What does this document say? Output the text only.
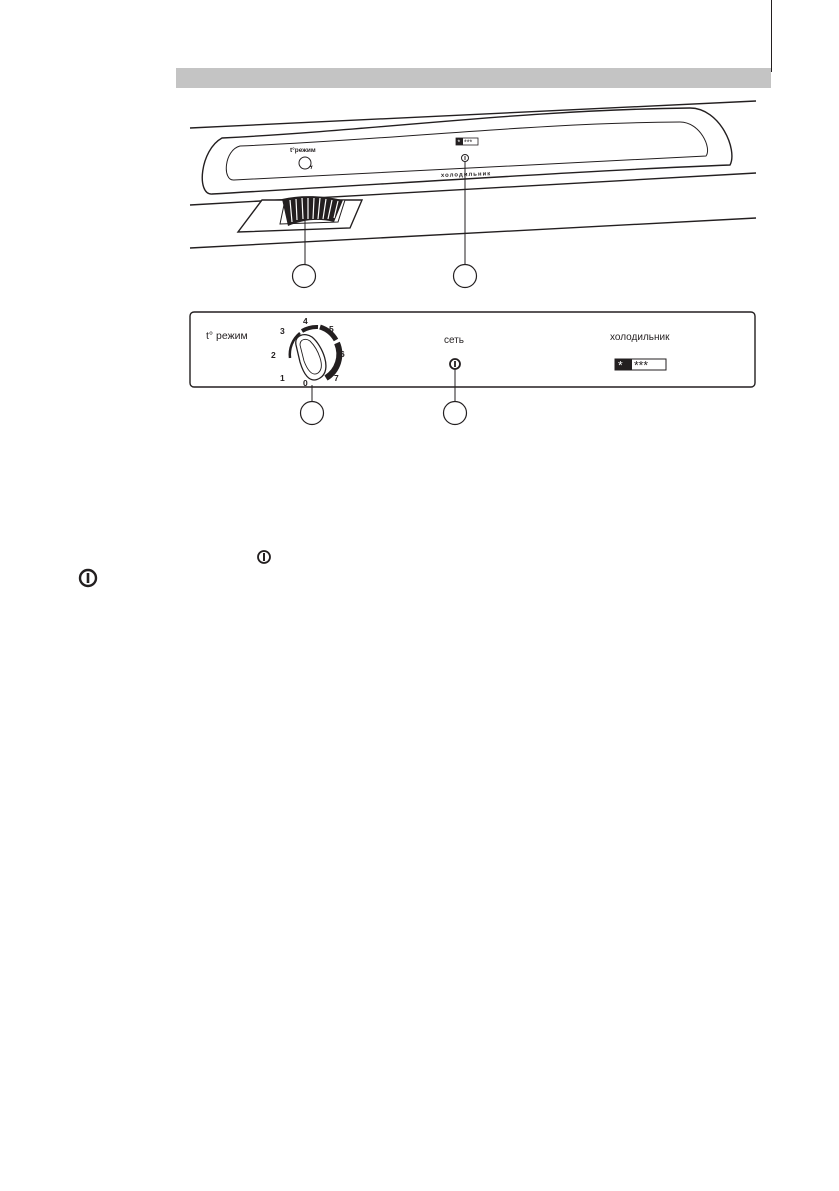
t°режим
* ***
холодильник
t° режим
0
1
2
3
4
5
6
7
сеть	холодильник
* ***
